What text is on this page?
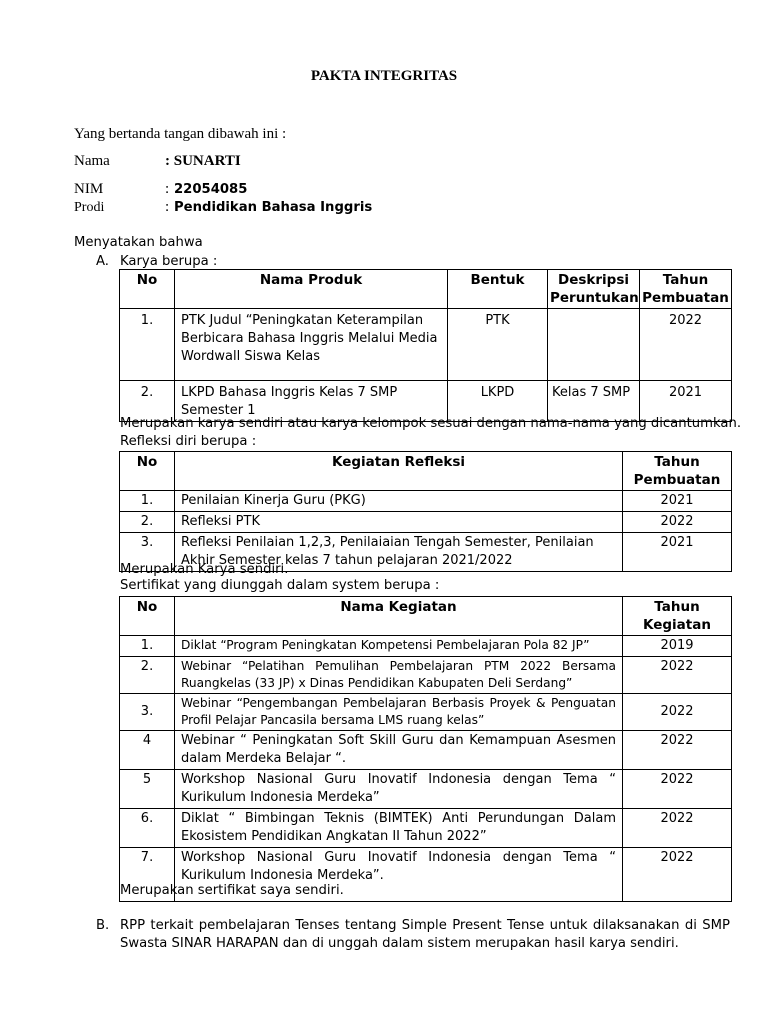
PAKTA INTEGRITAS
Yang bertanda tangan dibawah ini :
Nama	: SUNARTI
NIM	: 22054085
Prodi	: Pendidikan Bahasa Inggris
Menyatakan bahwa
A. Karya berupa :
No	Nama Produk	Bentuk	Deskripsi Peruntukan	Tahun Pembuatan
1.	PTK Judul “Peningkatan Keterampilan Berbicara Bahasa Inggris Melalui Media Wordwall Siswa Kelas	PTK		2022
2.	LKPD Bahasa Inggris Kelas 7 SMP Semester 1	LKPD	Kelas 7 SMP	2021
Merupakan karya sendiri atau karya kelompok sesuai dengan nama-nama yang dicantumkan.
Refleksi diri berupa :
No	Kegiatan Refleksi	Tahun Pembuatan
1.	Penilaian Kinerja Guru (PKG)	2021
2.	Refleksi PTK	2022
3.	Refleksi Penilaian 1,2,3, Penilaiaian Tengah Semester, Penilaian Akhir Semester kelas 7 tahun pelajaran 2021/2022	2021
Merupakan Karya sendiri.
Sertifikat yang diunggah dalam system berupa :
No	Nama Kegiatan	Tahun Kegiatan
1.	Diklat “Program Peningkatan Kompetensi Pembelajaran Pola 82 JP”	2019
2.	Webinar “Pelatihan Pemulihan Pembelajaran PTM 2022 Bersama Ruangkelas (33 JP) x Dinas Pendidikan Kabupaten Deli Serdang”	2022
3.	Webinar “Pengembangan Pembelajaran Berbasis Proyek & Penguatan Profil Pelajar Pancasila bersama LMS ruang kelas”	2022
4	Webinar “ Peningkatan Soft Skill Guru dan Kemampuan Asesmen dalam Merdeka Belajar “.	2022
5	Workshop Nasional Guru Inovatif Indonesia dengan Tema “ Kurikulum Indonesia Merdeka”	2022
6.	Diklat “ Bimbingan Teknis (BIMTEK) Anti Perundungan Dalam Ekosistem Pendidikan Angkatan II Tahun 2022”	2022
7.	Workshop Nasional Guru Inovatif Indonesia dengan Tema “ Kurikulum Indonesia Merdeka”.	2022
Merupakan sertifikat saya sendiri.
B. RPP terkait pembelajaran Tenses tentang Simple Present Tense untuk dilaksanakan di SMP Swasta SINAR HARAPAN dan di unggah dalam sistem merupakan hasil karya sendiri.
